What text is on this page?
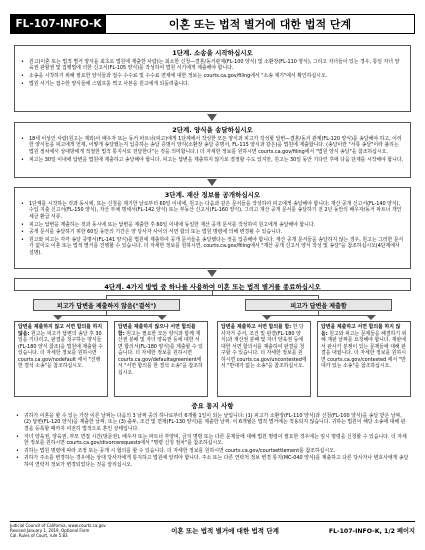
FL-107-INFO-K	이혼 또는 법적 별거에 대한 법적 단계
1단계. 소송을 시작하십시오
• 원고(이혼 또는 법적 별거 양식을 최초로 법원에 제출한 사람)는 최소한 신청—결혼/동거관계(FL-100 양식) 및 소환장(FL-110 양식), 그리고 자녀들이 있는 경우, 통일 자녀 양육권 관할권 및 집행법에 의한 신고서(FL-105 양식)를 작성하여 법원 서기에게 제출해야 합니다.
• 소송을 시작하기 위해 필요한 양식들과 접수 수수료 및 수수료 면제에 대한 정보는 courts.ca.gov/filing에서 "소송 제기"에서 확인하십시오.
• 법원 서기는 접수한 양식들에 스탬프를 찍고 사본을 원고에게 되돌려줍니다.
2단계. 양식을 송달하십시오
• 18세 이상인 사람(원고는 제외)이 배우자 또는 동거 파트너(피고)에게 1단계에서 작성한 모든 양식과 피고가 작성할 답변—결혼/동거 관계(FL-120 양식)를 송달해야 하고, 이러한 양식들을 피고에게 언제, 어떻게 송달했는지 입증하는 송달 증명서 양식(소환장 송달 증명서, FL-115 양식과 같은)을 법원에 제출합니다. (송달이란 "서류 송달"이라 불리는 법원 절차에서 상대방에게 적절한 법적 통지서로 전달한다"는 것을 의미합니다.) 더 자세한 정보를 원하시면 courts.ca.gov/filing에서 "법원 양식 송달"을 참조하십시오.
• 피고는 30일 이내에 답변을 법원에 제출하고 송달해야 합니다. 피고는 답변을 제출하지 않기로 결정할 수도 있지만, 원고는 30일 동안 기다린 후에 다음 단계를 시작해야 합니다.
3단계. 재산 정보를 공개하십시오
• 1단계를 시작하는 것과 동시에, 또는 신청을 제기한 날로부터 60일 이내에, 원고는 다음과 같은 문서들을 작성하여 피고에게 송달해야 합니다: 재산 공개 신고서(FL-140 양식), 수입 지출 신고서(FL-150 양식), 자산 부채 명세서(FL-142 양식) 또는 부동산 신고서(FL-160 양식), 그리고 재산 공개 문서를 송달하기 전 2년 동안의 배우자/동거 파트너 개인 세금 환급 서류.
• 피고는 답변을 제출하는 것과 동시에 또는 답변을 제출한 후 60일 이내에 동일한 재산 공개 문서를 작성하여 원고에게 송달해야 합니다.
• 공개 문서를 송달하기 위한 60일 동안의 기간은 양 당사자 사이의 서면 합의 또는 법원 명령에 의해 변경될 수 있습니다.
• 원고와 피고는 각각 송달 증명서(FL-141 양식)를 법원에 제출하여 공개 문서들을 송달했다는 것을 입증해야 합니다. 재산 공개 문서들을 송달하지 않는 경우, 원고는 그러한 문서가 없이도 이혼 또는 법적 별거를 진행할 수 있습니다. 더 자세한 정보를 원하시면, courts.ca.gov/filing에서 "재산 공개 신고서 양식 작성 및 송달"을 참조하십시오(4단계에서 설명).
4단계. 4가지 방법 중 하나를 사용하여 이혼 또는 법적 별거를 종료하십시오
피고가 답변을 제출하지 않음("결석")	피고가 답변을 제출함

답변을 제출하지 않고 서면 합의를 하지 않음: 원고는 피고가 답변의 송달 후 30일을 기다리고, 판결을 청구하는 양식들(FL-180 양식 참조)을 법원에 제출할 수 있습니다. 더 자세한 정보를 원하시면 courts.ca.gov/nodefault 에서 "진행한 결석 소송"을 참조하십시오.

답변을 제출하지 않으나 서면 합의를 함: 원고는 필요한 모든 양식과 함께 재산권 분배 및 자녀 양육권 등에 대한 서면 합의서(FL-180 양식)를 제출할 수 있습니다. 더 자세한 정보를 원하시면 courts.ca.gov/defaultagreement에서 "서면 합의를 한 결석 소송"을 참조하십시오.

답변을 제출하고 서면 합의를 함: 한 당사자가 증서, 조건 및 판결(FL-180 양식)과 재산권 분배 및 자녀 양육권 등에 대한 서면 합의서를 제출하여 판결을 청구할 수 있습니다. 더 자세한 정보를 원하시면 courts.ca.gov/uncontested에서 "반대가 없는 소송"을 참조하십시오.

답변을 제출하고 서면 합의를 하지 않음: 원고와 피고는 문제들을 해결하기 위해 재판 날짜를 요청해야 합니다. 재판에서 판사가 분쟁이 있는 문제들에 대해 판결을 내립니다. 더 자세한 정보를 원하시면 courts.ca.gov/contested 에서 "반대가 있는 소송"을 참조하십시오.

중요 통지 사항
• 귀하가 이혼을 할 수 있는 가장 이른 날짜는 다음의 3 날짜 중의 하나로부터 6개월 1일이 되는 날입니다: (1) 피고가 소환장(FL-110 양식)과 신청(FL-100 양식)을 송달 받은 날짜, (2) 답변(FL-120 양식)을 제출한 날짜, 또는 (3) 출두, 조건 및 면제(FL-130 양식)를 제출한 날짜. 이 6개월은 법적 별거에는 적용되지 않습니다. 귀하는 법원이 해당 소송에 대해 판결을 등록할 때까지 여전히 법적으로 혼인 상태입니다.
• 자녀 양육권, 양육권, 부모 면접 시간(방문권), 배우자 또는 파트너 부양비, 금지 명령 또는 다른 문제들에 대해 법원 명령이 필요한 경우에는 임시 명령을 신청할 수 있습니다. 더 자세한 정보를 원하시면 courts.ca.gov/divorcerequests에서 "명령 신청 절차"를 참조하십시오.
• 귀하는 법원 명령에 따라 조정 또는 공개 시 협의를 할 수 있습니다. 더 자세한 정보를 원하시면 courts.ca.gov/courtsettlement를 참조하십시오.
• 귀하가 주소를 변경하는 경우에는 상대 당사자에게 통지하고 법원에 알려야 합니다. 주소 또는 다른 연락처 정보 변경 통지(MC-040 양식)를 제출하고 다른 당사자나 변호사에게 송달하여 연락처 정보가 변경되었다는 것을 알리십시오.
Judicial Council of California, www.courts.ca.gov
Revised January 1, 2019, Optional Form
Cal. Rules of Court, rule 5.83
이혼 또는 법적 별거에 대한 법적 단계	FL-107-INFO-K, 1/2 페이지
